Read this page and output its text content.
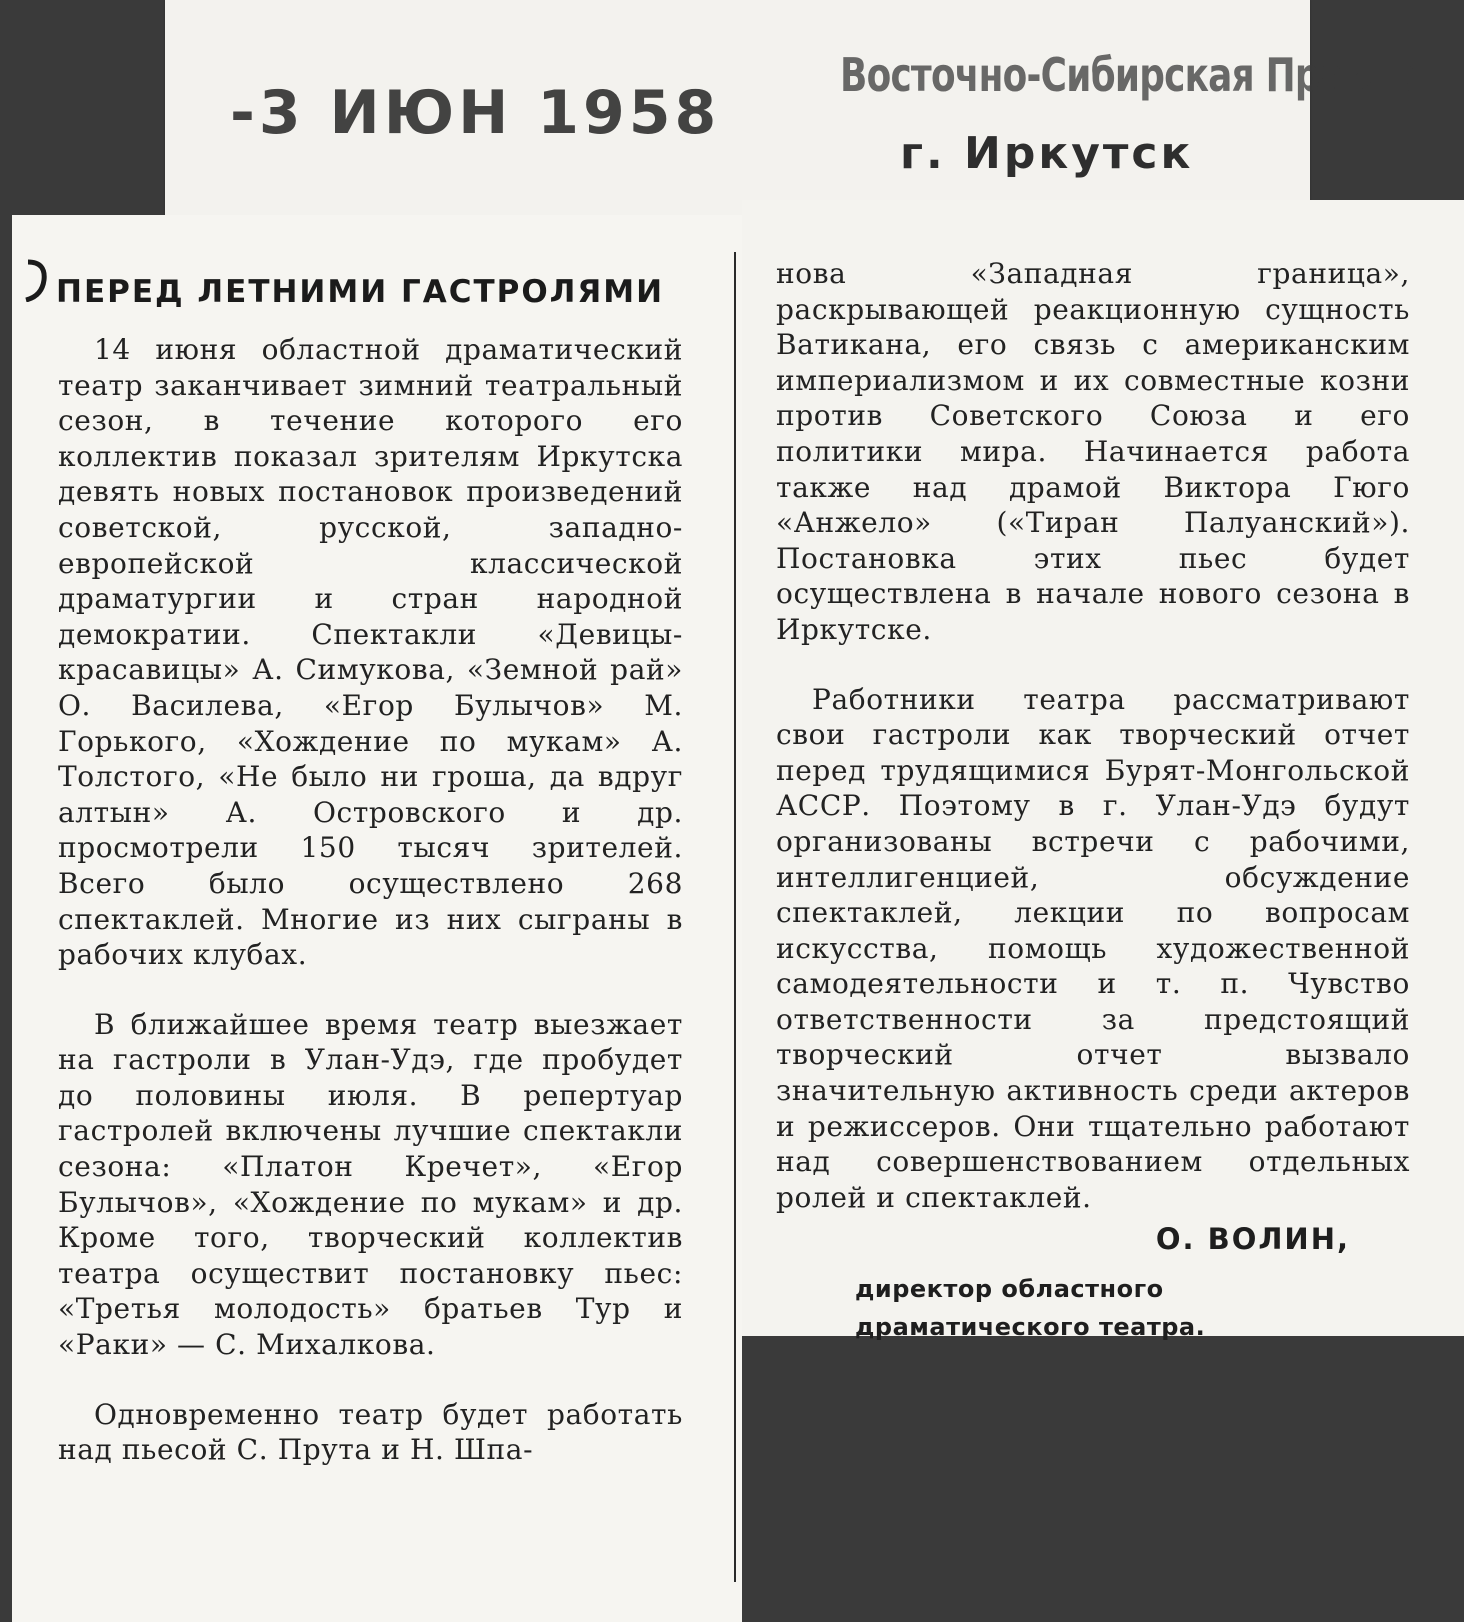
-3 ИЮН 1958
Восточно-Сибирская Правда
г. Иркутск
ПЕРЕД ЛЕТНИМИ ГАСТРОЛЯМИ

14 июня областной драматический театр заканчивает зимний театральный сезон, в течение которого его коллектив показал зрителям Иркутска девять новых постановок произведений советской, русской, западно-европейской классической драматургии и стран народной демократии. Спектакли «Девицы-красавицы» А. Симукова, «Земной рай» О. Василева, «Егор Булычов» М. Горького, «Хождение по мукам» А. Толстого, «Не было ни гроша, да вдруг алтын» А. Островского и др. просмотрели 150 тысяч зрителей. Всего было осуществлено 268 спектаклей. Многие из них сыграны в рабочих клубах.

В ближайшее время театр выезжает на гастроли в Улан-Удэ, где пробудет до половины июля. В репертуар гастролей включены лучшие спектакли сезона: «Платон Кречет», «Егор Булычов», «Хождение по мукам» и др. Кроме того, творческий коллектив театра осуществит постановку пьес: «Третья молодость» братьев Тур и «Раки» — С. Михалкова.

Одновременно театр будет работать над пьесой С. Прута и Н. Шпа-

нова «Западная граница», раскрывающей реакционную сущность Ватикана, его связь с американским империализмом и их совместные козни против Советского Союза и его политики мира. Начинается работа также над драмой Виктора Гюго «Анжело» («Тиран Палуанский»). Постановка этих пьес будет осуществлена в начале нового сезона в Иркутске.

Работники театра рассматривают свои гастроли как творческий отчет перед трудящимися Бурят-Монгольской АССР. Поэтому в г. Улан-Удэ будут организованы встречи с рабочими, интеллигенцией, обсуждение спектаклей, лекции по вопросам искусства, помощь художественной самодеятельности и т. п. Чувство ответственности за предстоящий творческий отчет вызвало значительную активность среди актеров и режиссеров. Они тщательно работают над совершенствованием отдельных ролей и спектаклей.

О. ВОЛИН,
директор областного драматического театра.
